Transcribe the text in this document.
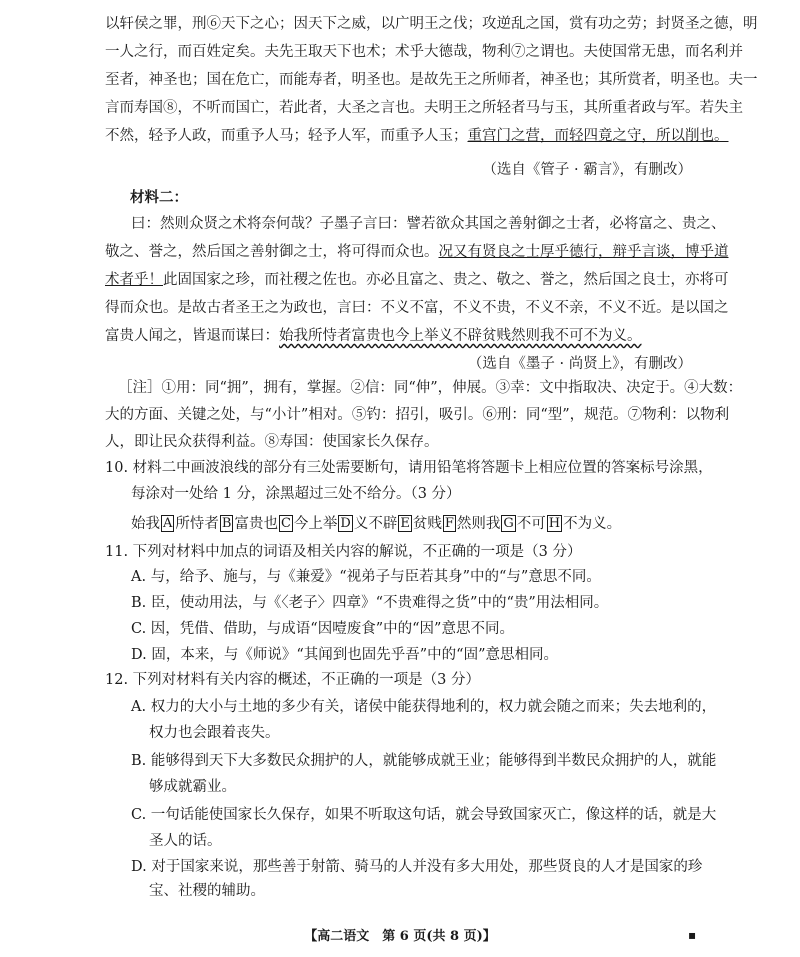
以轩侯之罪，刑⑥天下之心；因天下之威，以广明王之伐；攻逆乱之国，赏有功之劳；封贤圣之德，明
一人之行，而百姓定矣。夫先王取天下也术；术乎大德哉，物利⑦之谓也。夫使国常无患，而名利并
至者，神圣也；国在危亡，而能寿者，明圣也。是故先王之所师者，神圣也；其所赏者，明圣也。夫一
言而寿国⑧，不听而国亡，若此者，大圣之言也。夫明王之所轻者马与玉，其所重者政与军。若失主
不然，轻予人政，而重予人马；轻予人军，而重予人玉；重宫门之营，而轻四竟之守，所以削也。
（选自《管子 · 霸言》，有删改）
材料二：
曰：然则众贤之术将奈何哉？子墨子言曰：譬若欲众其国之善射御之士者，必将富之、贵之、
敬之、誉之，然后国之善射御之士，将可得而众也。况又有贤良之士厚乎德行，辩乎言谈，博乎道
术者乎！此固国家之珍，而社稷之佐也。亦必且富之、贵之、敬之、誉之，然后国之良士，亦将可
得而众也。是故古者圣王之为政也，言曰：不义不富，不义不贵，不义不亲，不义不近。是以国之
富贵人闻之，皆退而谋曰：始我所恃者富贵也今上举义不辟贫贱然则我不可不为义。
（选自《墨子 · 尚贤上》，有删改）
［注］①用：同“拥”，拥有，掌握。②信：同“伸”，伸展。③幸：文中指取决、决定于。④大数：
大的方面、关键之处，与“小计”相对。⑤钓：招引，吸引。⑥刑：同“型”，规范。⑦物利：以物利
人，即让民众获得利益。⑧寿国：使国家长久保存。
10. 材料二中画波浪线的部分有三处需要断句，请用铅笔将答题卡上相应位置的答案标号涂黑，
每涂对一处给 1 分，涂黑超过三处不给分。（3 分）
始我 A 所恃者 B 富贵也 C 今上举 D 义不辟 E 贫贱 F 然则我 G 不可 H 不为义。
11. 下列对材料中加点的词语及相关内容的解说，不正确的一项是（3 分）
A. 与，给予、施与，与《兼爱》“视弟子与臣若其身”中的“与”意思不同。
B. 臣，使动用法，与《〈老子〉四章》“不贵难得之货”中的“贵”用法相同。
C. 因，凭借、借助，与成语“因噎废食”中的“因”意思不同。
D. 固，本来，与《师说》“其闻到也固先乎吾”中的“固”意思相同。
12. 下列对材料有关内容的概述，不正确的一项是（3 分）
A. 权力的大小与土地的多少有关，诸侯中能获得地利的，权力就会随之而来；失去地利的，
权力也会跟着丧失。
B. 能够得到天下大多数民众拥护的人，就能够成就王业；能够得到半数民众拥护的人，就能
够成就霸业。
C. 一句话能使国家长久保存，如果不听取这句话，就会导致国家灭亡，像这样的话，就是大
圣人的话。
D. 对于国家来说，那些善于射箭、骑马的人并没有多大用处，那些贤良的人才是国家的珍
宝、社稷的辅助。
【高二语文　第 6 页(共 8 页)】	▪
